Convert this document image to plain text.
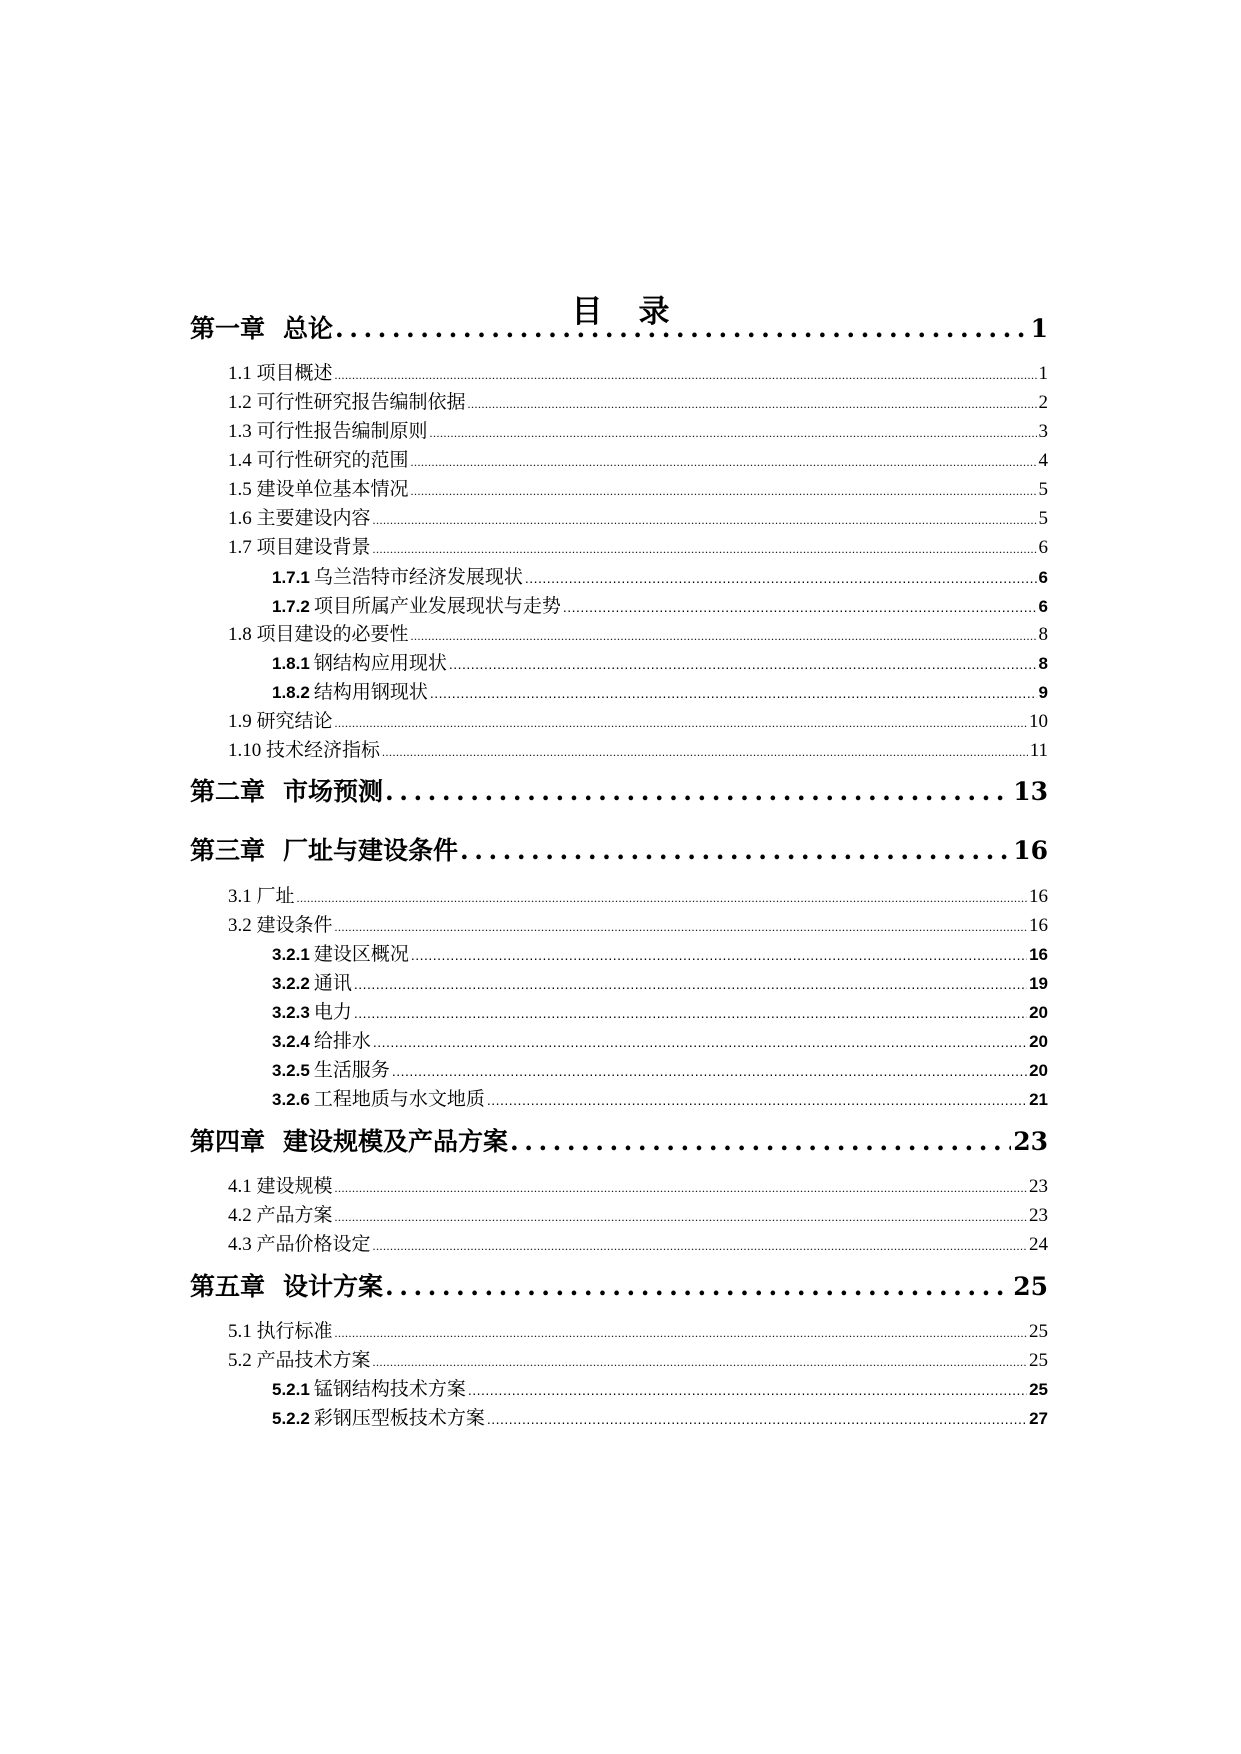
目 录
第一章 总论 .....	1
1.1 项目概述 .....	1
1.2 可行性研究报告编制依据 .....	2
1.3 可行性报告编制原则 .....	3
1.4 可行性研究的范围 .....	4
1.5 建设单位基本情况 .....	5
1.6 主要建设内容 .....	5
1.7 项目建设背景 .....	6
1.7.1 乌兰浩特市经济发展现状 .....	6
1.7.2 项目所属产业发展现状与走势 .....	6
1.8 项目建设的必要性 .....	8
1.8.1 钢结构应用现状 .....	8
1.8.2 结构用钢现状 .....	9
1.9 研究结论 .....	10
1.10 技术经济指标 .....	11
第二章 市场预测 .....	13
第三章 厂址与建设条件 .....	16
3.1 厂址 .....	16
3.2 建设条件 .....	16
3.2.1 建设区概况 .....	16
3.2.2 通讯 .....	19
3.2.3 电力 .....	20
3.2.4 给排水 .....	20
3.2.5 生活服务 .....	20
3.2.6 工程地质与水文地质 .....	21
第四章 建设规模及产品方案 .....	23
4.1 建设规模 .....	23
4.2 产品方案 .....	23
4.3 产品价格设定 .....	24
第五章 设计方案 .....	25
5.1 执行标准 .....	25
5.2 产品技术方案 .....	25
5.2.1 锰钢结构技术方案 .....	25
5.2.2 彩钢压型板技术方案 .....	27
